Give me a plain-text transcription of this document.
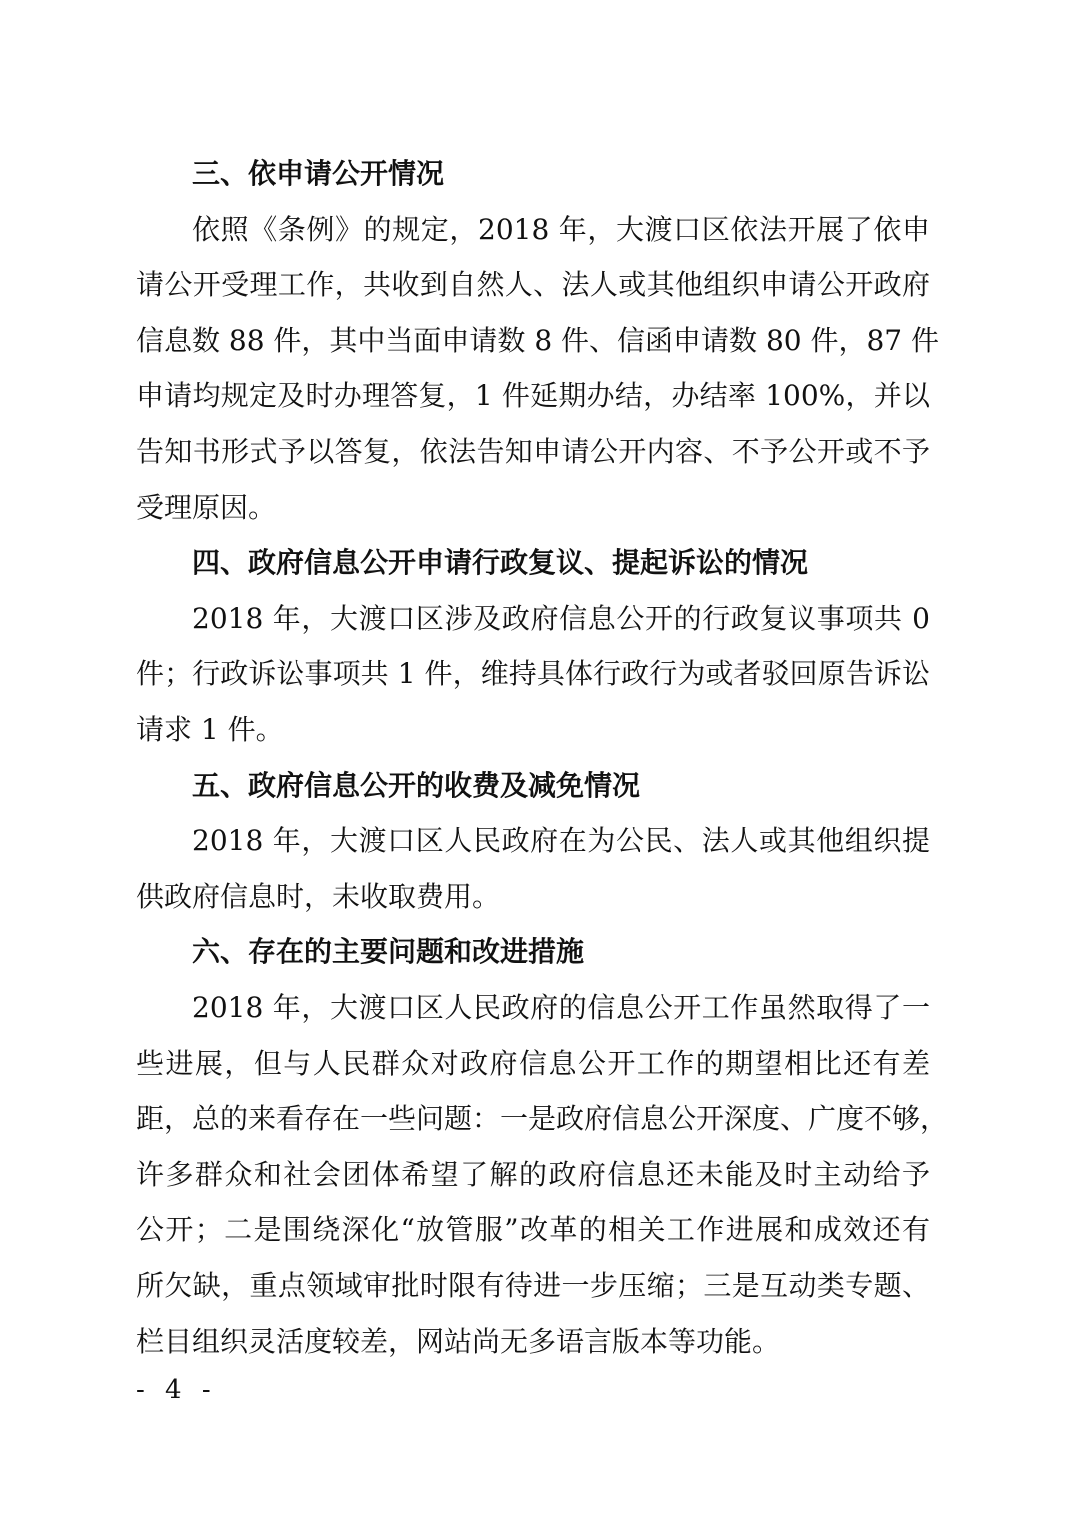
三、依申请公开情况
依照《条例》的规定，2018 年，大渡口区依法开展了依申
请公开受理工作，共收到自然人、法人或其他组织申请公开政府
信息数 88 件，其中当面申请数 8 件、信函申请数 80 件，87 件
申请均规定及时办理答复，1 件延期办结，办结率 100%，并以
告知书形式予以答复，依法告知申请公开内容、不予公开或不予
受理原因。
四、政府信息公开申请行政复议、提起诉讼的情况
2018 年，大渡口区涉及政府信息公开的行政复议事项共 0
件；行政诉讼事项共 1 件，维持具体行政行为或者驳回原告诉讼
请求 1 件。
五、政府信息公开的收费及减免情况
2018 年，大渡口区人民政府在为公民、法人或其他组织提
供政府信息时，未收取费用。
六、存在的主要问题和改进措施
2018 年，大渡口区人民政府的信息公开工作虽然取得了一
些进展，但与人民群众对政府信息公开工作的期望相比还有差
距，总的来看存在一些问题：一是政府信息公开深度、广度不够，
许多群众和社会团体希望了解的政府信息还未能及时主动给予
公开；二是围绕深化“放管服”改革的相关工作进展和成效还有
所欠缺，重点领域审批时限有待进一步压缩；三是互动类专题、
栏目组织灵活度较差，网站尚无多语言版本等功能。
- 4 -
